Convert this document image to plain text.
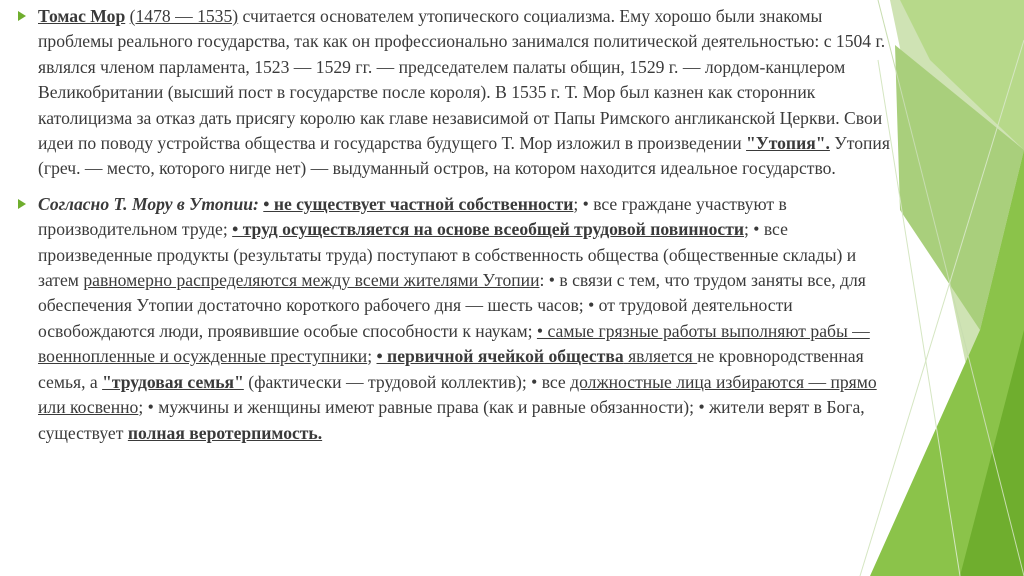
Томас Мор (1478 — 1535) считается основателем утопического социализма. Ему хорошо были знакомы проблемы реального государства, так как он профессионально занимался политической деятельностью: с 1504 г. являлся членом парламента, 1523 — 1529 гг. — председателем палаты общин, 1529 г. — лордом-канцлером Великобритании (высший пост в государстве после короля). В 1535 г. Т. Мор был казнен как сторонник католицизма за отказ дать присягу королю как главе независимой от Папы Римского англиканской Церкви. Свои идеи по поводу устройства общества и государства будущего Т. Мор изложил в произведении "Утопия". Утопия (греч. — место, которого нигде нет) — выдуманный остров, на котором находится идеальное государство.

Согласно Т. Мору в Утопии: • не существует частной собственности; • все граждане участвуют в производительном труде; • труд осуществляется на основе всеобщей трудовой повинности; • все произведенные продукты (результаты труда) поступают в собственность общества (общественные склады) и затем равномерно распределяются между всеми жителями Утопии: • в связи с тем, что трудом заняты все, для обеспечения Утопии достаточно короткого рабочего дня — шесть часов; • от трудовой деятельности освобождаются люди, проявившие особые способности к наукам; • самые грязные работы выполняют рабы — военнопленные и осужденные преступники; • первичной ячейкой общества является не кровнородственная семья, а "трудовая семья" (фактически — трудовой коллектив); • все должностные лица избираются — прямо или косвенно; • мужчины и женщины имеют равные права (как и равные обязанности); • жители верят в Бога, существует полная веротерпимость.
